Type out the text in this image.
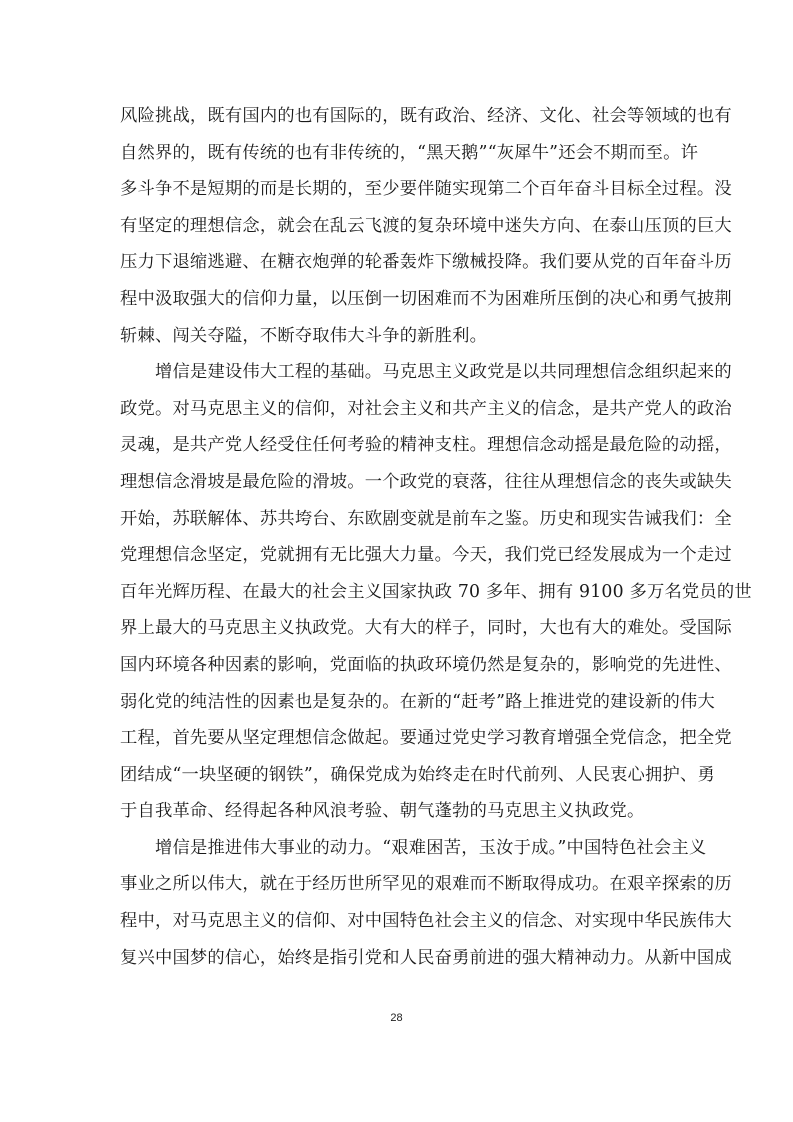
风险挑战，既有国内的也有国际的，既有政治、经济、文化、社会等领域的也有
自然界的，既有传统的也有非传统的，“黑天鹅”“灰犀牛”还会不期而至。许
多斗争不是短期的而是长期的，至少要伴随实现第二个百年奋斗目标全过程。没
有坚定的理想信念，就会在乱云飞渡的复杂环境中迷失方向、在泰山压顶的巨大
压力下退缩逃避、在糖衣炮弹的轮番轰炸下缴械投降。我们要从党的百年奋斗历
程中汲取强大的信仰力量，以压倒一切困难而不为困难所压倒的决心和勇气披荆
斩棘、闯关夺隘，不断夺取伟大斗争的新胜利。
增信是建设伟大工程的基础。马克思主义政党是以共同理想信念组织起来的
政党。对马克思主义的信仰，对社会主义和共产主义的信念，是共产党人的政治
灵魂，是共产党人经受住任何考验的精神支柱。理想信念动摇是最危险的动摇，
理想信念滑坡是最危险的滑坡。一个政党的衰落，往往从理想信念的丧失或缺失
开始，苏联解体、苏共垮台、东欧剧变就是前车之鉴。历史和现实告诫我们：全
党理想信念坚定，党就拥有无比强大力量。今天，我们党已经发展成为一个走过
百年光辉历程、在最大的社会主义国家执政 70 多年、拥有 9100 多万名党员的世
界上最大的马克思主义执政党。大有大的样子，同时，大也有大的难处。受国际
国内环境各种因素的影响，党面临的执政环境仍然是复杂的，影响党的先进性、
弱化党的纯洁性的因素也是复杂的。在新的“赶考”路上推进党的建设新的伟大
工程，首先要从坚定理想信念做起。要通过党史学习教育增强全党信念，把全党
团结成“一块坚硬的钢铁”，确保党成为始终走在时代前列、人民衷心拥护、勇
于自我革命、经得起各种风浪考验、朝气蓬勃的马克思主义执政党。
增信是推进伟大事业的动力。“艰难困苦，玉汝于成。”中国特色社会主义
事业之所以伟大，就在于经历世所罕见的艰难而不断取得成功。在艰辛探索的历
程中，对马克思主义的信仰、对中国特色社会主义的信念、对实现中华民族伟大
复兴中国梦的信心，始终是指引党和人民奋勇前进的强大精神动力。从新中国成
28
